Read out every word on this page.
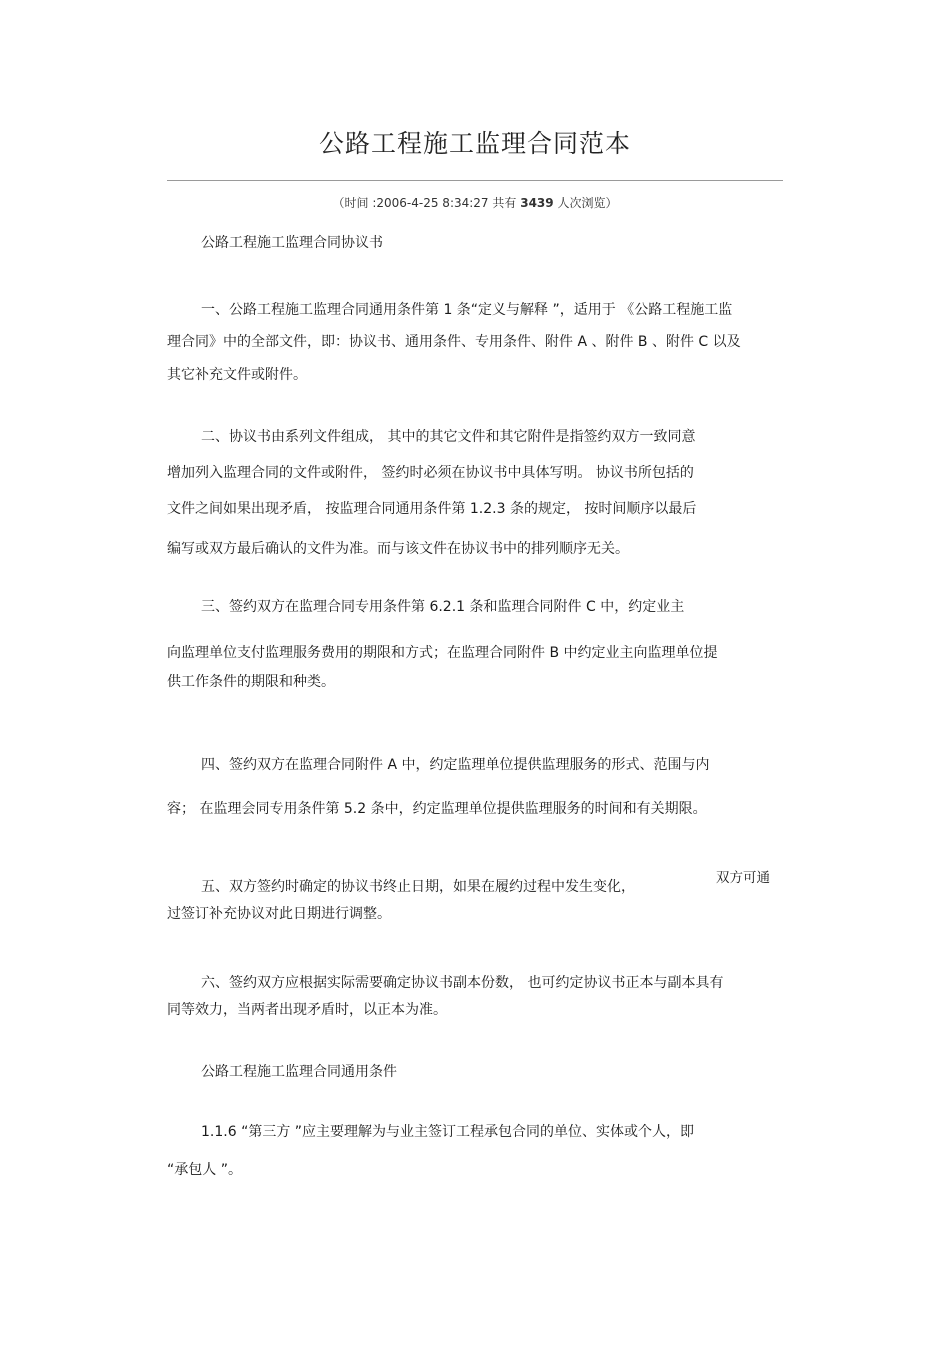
公路工程施工监理合同范本
（时间 :2006-4-25 8:34:27 共有 3439 人次浏览）
公路工程施工监理合同协议书
一、公路工程施工监理合同通用条件第 1 条“定义与解释 ”，适用于 《公路工程施工监
理合同》中的全部文件，即：协议书、通用条件、专用条件、附件 A 、附件 B 、附件 C 以及
其它补充文件或附件。
二、协议书由系列文件组成， 其中的其它文件和其它附件是指签约双方一致同意
增加列入监理合同的文件或附件， 签约时必须在协议书中具体写明。 协议书所包括的
文件之间如果出现矛盾， 按监理合同通用条件第 1.2.3 条的规定， 按时间顺序以最后
编写或双方最后确认的文件为准。而与该文件在协议书中的排列顺序无关。
三、签约双方在监理合同专用条件第 6.2.1 条和监理合同附件 C 中，约定业主
向监理单位支付监理服务费用的期限和方式；在监理合同附件 B 中约定业主向监理单位提
供工作条件的期限和种类。
四、签约双方在监理合同附件 A 中，约定监理单位提供监理服务的形式、范围与内
容； 在监理会同专用条件第 5.2 条中，约定监理单位提供监理服务的时间和有关期限。
五、双方签约时确定的协议书终止日期，如果在履约过程中发生变化，
双方可通
过签订补充协议对此日期进行调整。
六、签约双方应根据实际需要确定协议书副本份数， 也可约定协议书正本与副本具有
同等效力，当两者出现矛盾时，以正本为准。
公路工程施工监理合同通用条件
1.1.6 “第三方 ”应主要理解为与业主签订工程承包合同的单位、实体或个人，即
“承包人 ”。
